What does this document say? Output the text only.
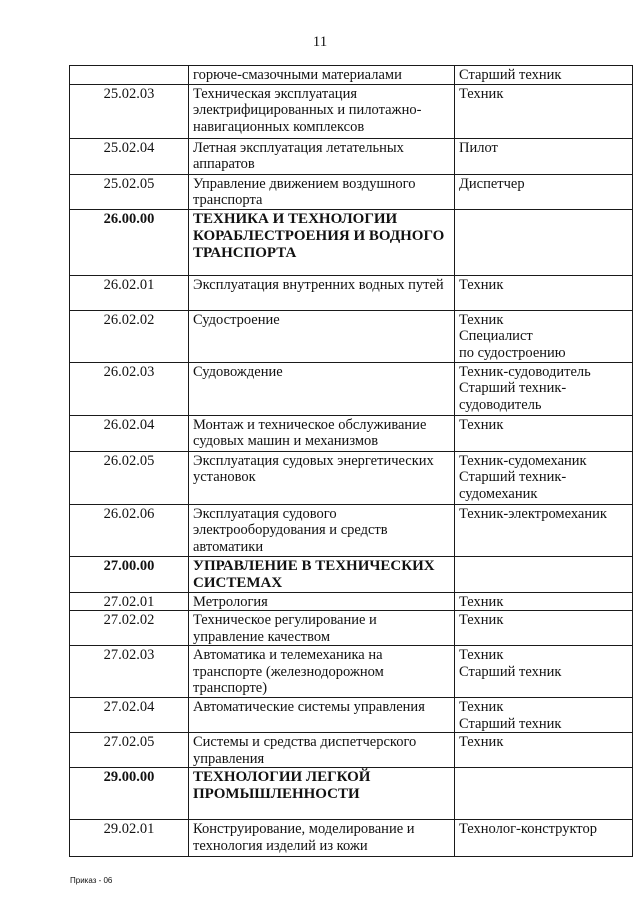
11
	горюче-смазочными материалами	Старший техник

25.02.03	Техническая эксплуатация электрифицированных и пилотажно-навигационных комплексов	Техник

25.02.04	Летная эксплуатация летательных аппаратов	Пилот

25.02.05	Управление движением воздушного транспорта	Диспетчер

26.00.00	ТЕХНИКА И ТЕХНОЛОГИИ КОРАБЛЕСТРОЕНИЯ И ВОДНОГО ТРАНСПОРТА	
26.02.01	Эксплуатация внутренних водных путей	Техник

26.02.02	Судостроение	Техник
Специалист
по судостроению

26.02.03	Судовождение	Техник-судоводитель
Старший техник-
судоводитель

26.02.04	Монтаж и техническое обслуживание судовых машин и механизмов	Техник

26.02.05	Эксплуатация судовых энергетических установок	Техник-судомеханик
Старший техник-
судомеханик

26.02.06	Эксплуатация судового электрооборудования и средств автоматики	Техник-электромеханик

27.00.00	УПРАВЛЕНИЕ В ТЕХНИЧЕСКИХ СИСТЕМАХ	
27.02.01	Метрология	Техник

27.02.02	Техническое регулирование и управление качеством	Техник

27.02.03	Автоматика и телемеханика на транспорте (железнодорожном транспорте)	Техник
Старший техник

27.02.04	Автоматические системы управления	Техник
Старший техник

27.02.05	Системы и средства диспетчерского управления	Техник

29.00.00	ТЕХНОЛОГИИ ЛЕГКОЙ ПРОМЫШЛЕННОСТИ	
29.02.01	Конструирование, моделирование и технология изделий из кожи	Технолог-конструктор
Приказ - 06
